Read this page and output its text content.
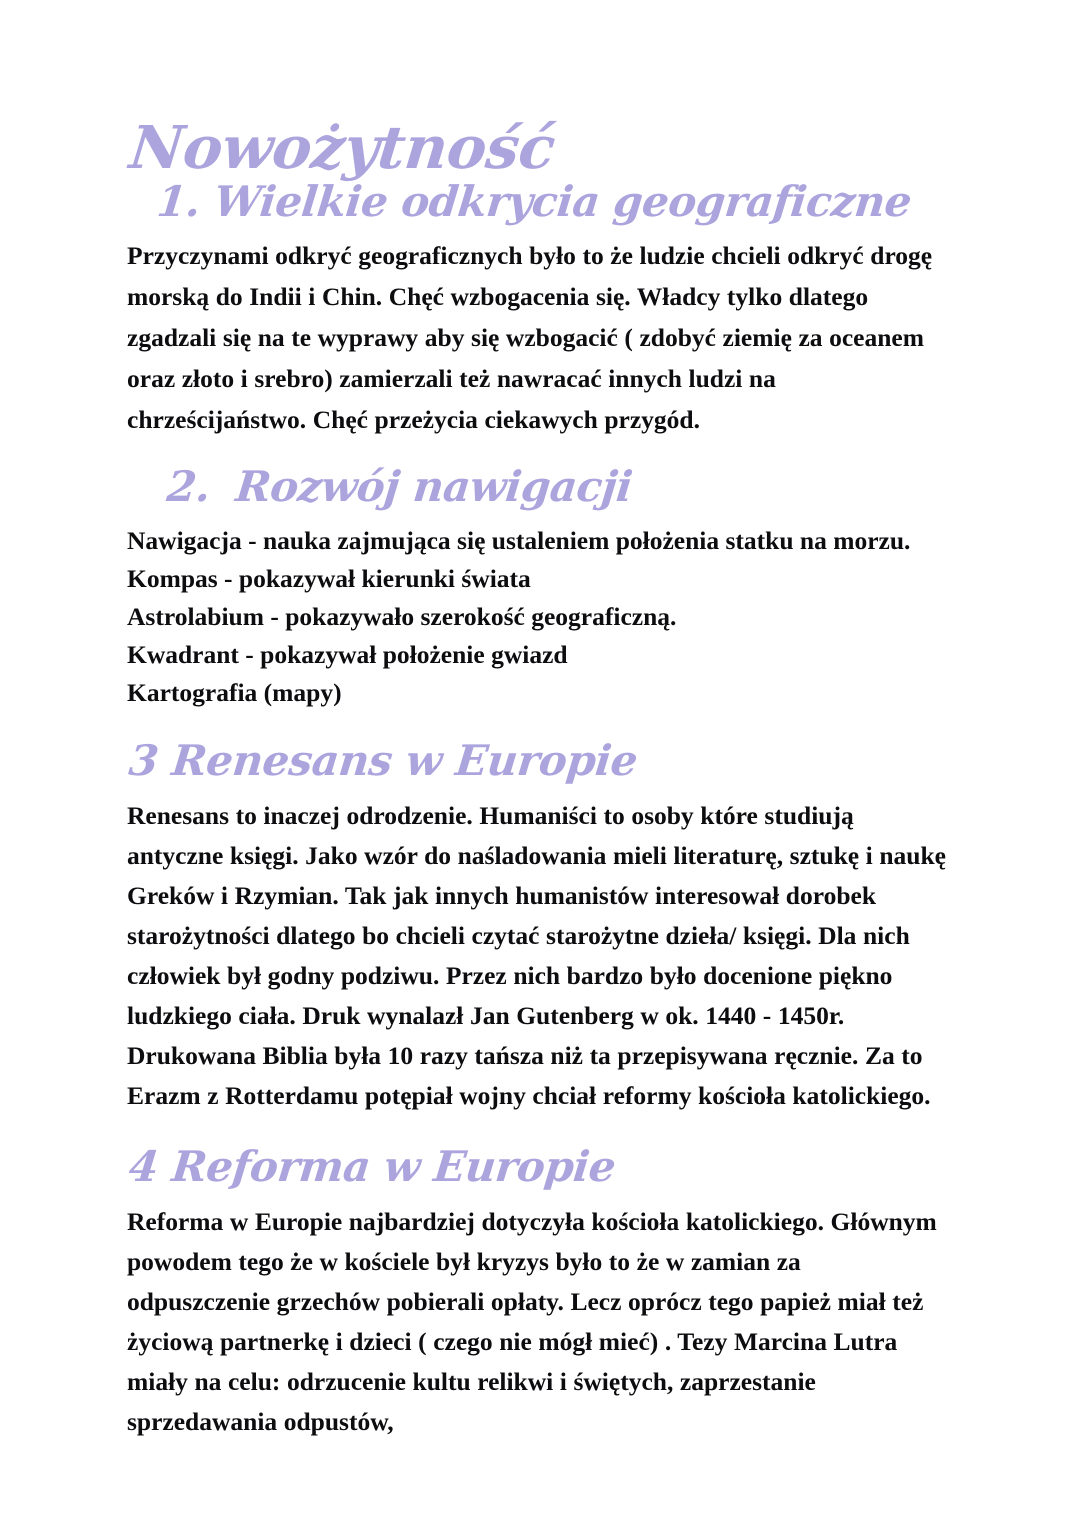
Nowożytność
1. Wielkie odkrycia geograficzne

Przyczynami odkryć geograficznych było to że ludzie chcieli odkryć drogę morską do Indii i Chin. Chęć wzbogacenia się. Władcy tylko dlatego zgadzali się na te wyprawy aby się wzbogacić ( zdobyć ziemię za oceanem oraz złoto i srebro) zamierzali też nawracać innych ludzi na chrześcijaństwo. Chęć przeżycia ciekawych przygód.

2. Rozwój nawigacji
Nawigacja - nauka zajmująca się ustaleniem położenia statku na morzu.
Kompas - pokazywał kierunki świata
Astrolabium - pokazywało szerokość geograficzną.
Kwadrant - pokazywał położenie gwiazd
Kartografia (mapy)
3 Renesans w Europie

Renesans to inaczej odrodzenie. Humaniści to osoby które studiują antyczne księgi. Jako wzór do naśladowania mieli literaturę, sztukę i naukę Greków i Rzymian. Tak jak innych humanistów interesował dorobek starożytności dlatego bo chcieli czytać starożytne dzieła/ księgi. Dla nich człowiek był godny podziwu. Przez nich bardzo było docenione piękno ludzkiego ciała. Druk wynalazł Jan Gutenberg w ok. 1440 - 1450r. Drukowana Biblia była 10 razy tańsza niż ta przepisywana ręcznie. Za to Erazm z Rotterdamu potępiał wojny chciał reformy kościoła katolickiego.

4 Reforma w Europie

Reforma w Europie najbardziej dotyczyła kościoła katolickiego. Głównym powodem tego że w kościele był kryzys było to że w zamian za odpuszczenie grzechów pobierali opłaty. Lecz oprócz tego papież miał też życiową partnerkę i dzieci ( czego nie mógł mieć) . Tezy Marcina Lutra miały na celu: odrzucenie kultu relikwi i świętych, zaprzestanie sprzedawania odpustów,
